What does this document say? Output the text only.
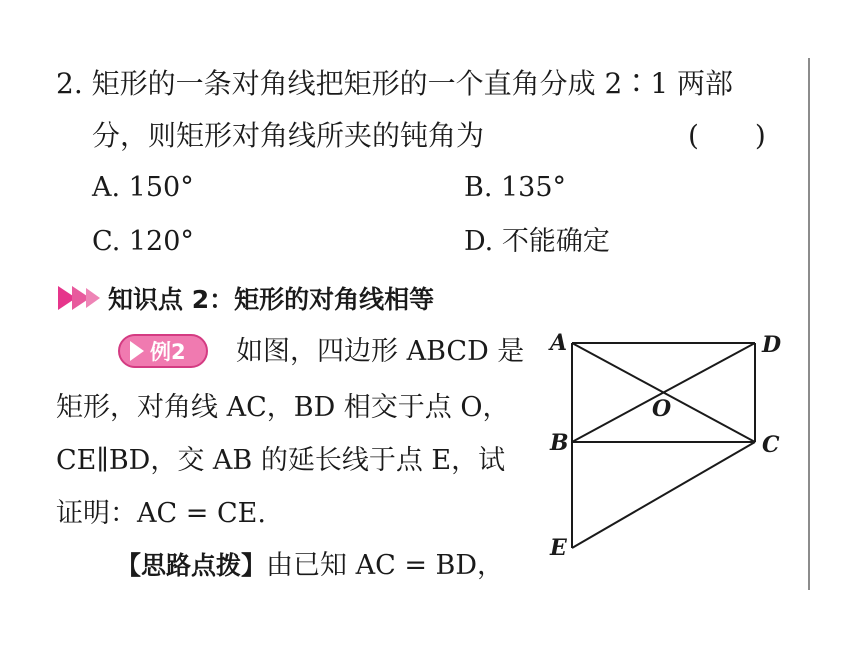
2. 矩形的一条对角线把矩形的一个直角分成 2∶1 两部
分，则矩形对角线所夹的钝角为	(　　)
A. 150°	B. 135°
C. 120°	D. 不能确定
知识点 2：矩形的对角线相等
例2 如图，四边形 ABCD 是
矩形，对角线 AC，BD 相交于点 O，
CE∥BD，交 AB 的延长线于点 E，试
证明：AC = CE.
【思路点拨】由已知 AC = BD，
A	D
O
B	C
E
